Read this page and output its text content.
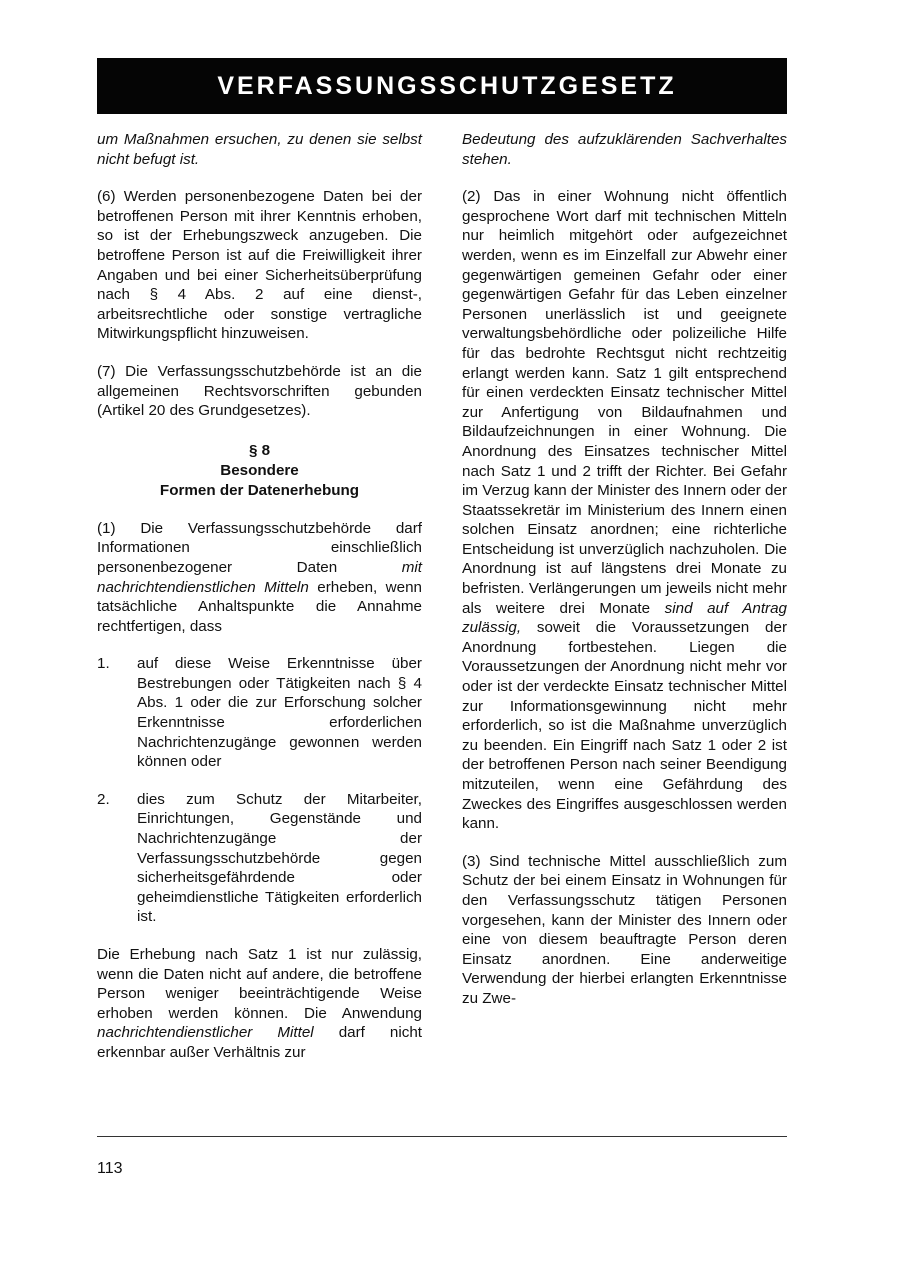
VERFASSUNGSSCHUTZGESETZ

um Maßnahmen ersuchen, zu denen sie selbst nicht befugt ist.

(6) Werden personenbezogene Daten bei der betroffenen Person mit ihrer Kenntnis erhoben, so ist der Erhebungszweck anzugeben. Die betroffene Person ist auf die Freiwilligkeit ihrer Angaben und bei einer Sicherheitsüberprüfung nach § 4 Abs. 2 auf eine dienst-, arbeitsrechtliche oder sonstige vertragliche Mitwirkungspflicht hinzuweisen.

(7) Die Verfassungsschutzbehörde ist an die allgemeinen Rechtsvorschriften gebunden (Artikel 20 des Grundgesetzes).

§ 8
Besondere
Formen der Datenerhebung

(1) Die Verfassungsschutzbehörde darf Informationen einschließlich personenbezogener Daten mit nachrichtendienstlichen Mitteln erheben, wenn tatsächliche Anhaltspunkte die Annahme rechtfertigen, dass

1.	auf diese Weise Erkenntnisse über Bestrebungen oder Tätigkeiten nach § 4 Abs. 1 oder die zur Erforschung solcher Erkenntnisse erforderlichen Nachrichtenzugänge gewonnen werden können oder
2.	dies zum Schutz der Mitarbeiter, Einrichtungen, Gegenstände und Nachrichtenzugänge der Verfassungsschutzbehörde gegen sicherheitsgefährdende oder geheimdienstliche Tätigkeiten erforderlich ist.

Die Erhebung nach Satz 1 ist nur zulässig, wenn die Daten nicht auf andere, die betroffene Person weniger beeinträchtigende Weise erhoben werden können. Die Anwendung nachrichtendienstlicher Mittel darf nicht erkennbar außer Verhältnis zur

Bedeutung des aufzuklärenden Sachverhaltes stehen.

(2) Das in einer Wohnung nicht öffentlich gesprochene Wort darf mit technischen Mitteln nur heimlich mitgehört oder aufgezeichnet werden, wenn es im Einzelfall zur Abwehr einer gegenwärtigen gemeinen Gefahr oder einer gegenwärtigen Gefahr für das Leben einzelner Personen unerlässlich ist und geeignete verwaltungsbehördliche oder polizeiliche Hilfe für das bedrohte Rechtsgut nicht rechtzeitig erlangt werden kann. Satz 1 gilt entsprechend für einen verdeckten Einsatz technischer Mittel zur Anfertigung von Bildaufnahmen und Bildaufzeichnungen in einer Wohnung. Die Anordnung des Einsatzes technischer Mittel nach Satz 1 und 2 trifft der Richter. Bei Gefahr im Verzug kann der Minister des Innern oder der Staatssekretär im Ministerium des Innern einen solchen Einsatz anordnen; eine richterliche Entscheidung ist unverzüglich nachzuholen. Die Anordnung ist auf längstens drei Monate zu befristen. Verlängerungen um jeweils nicht mehr als weitere drei Monate sind auf Antrag zulässig, soweit die Voraussetzungen der Anordnung fortbestehen. Liegen die Voraussetzungen der Anordnung nicht mehr vor oder ist der verdeckte Einsatz technischer Mittel zur Informationsgewinnung nicht mehr erforderlich, so ist die Maßnahme unverzüglich zu beenden. Ein Eingriff nach Satz 1 oder 2 ist der betroffenen Person nach seiner Beendigung mitzuteilen, wenn eine Gefährdung des Zweckes des Eingriffes ausgeschlossen werden kann.

(3) Sind technische Mittel ausschließlich zum Schutz der bei einem Einsatz in Wohnungen für den Verfassungsschutz tätigen Personen vorgesehen, kann der Minister des Innern oder eine von diesem beauftragte Person deren Einsatz anordnen. Eine anderweitige Verwendung der hierbei erlangten Erkenntnisse zu Zwe-

113
